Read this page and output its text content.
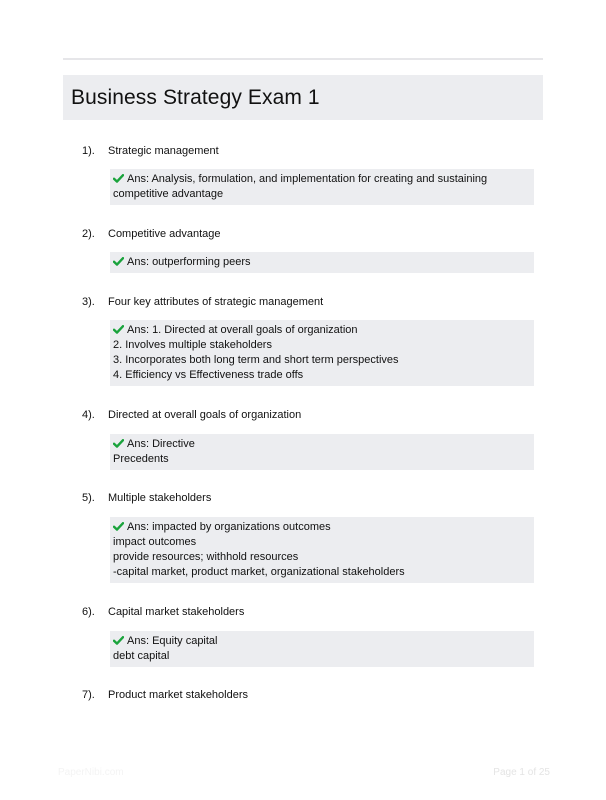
Business Strategy Exam 1
1). Strategic management
Ans: Analysis, formulation, and implementation for creating and sustaining
competitive advantage
2). Competitive advantage
Ans: outperforming peers
3). Four key attributes of strategic management
Ans: 1. Directed at overall goals of organization
2. Involves multiple stakeholders
3. Incorporates both long term and short term perspectives
4. Efficiency vs Effectiveness trade offs
4). Directed at overall goals of organization
Ans: Directive
Precedents
5). Multiple stakeholders
Ans: impacted by organizations outcomes
impact outcomes
provide resources; withhold resources
-capital market, product market, organizational stakeholders
6). Capital market stakeholders
Ans: Equity capital
debt capital
7). Product market stakeholders
PaperNibi.com	Page 1 of 25
